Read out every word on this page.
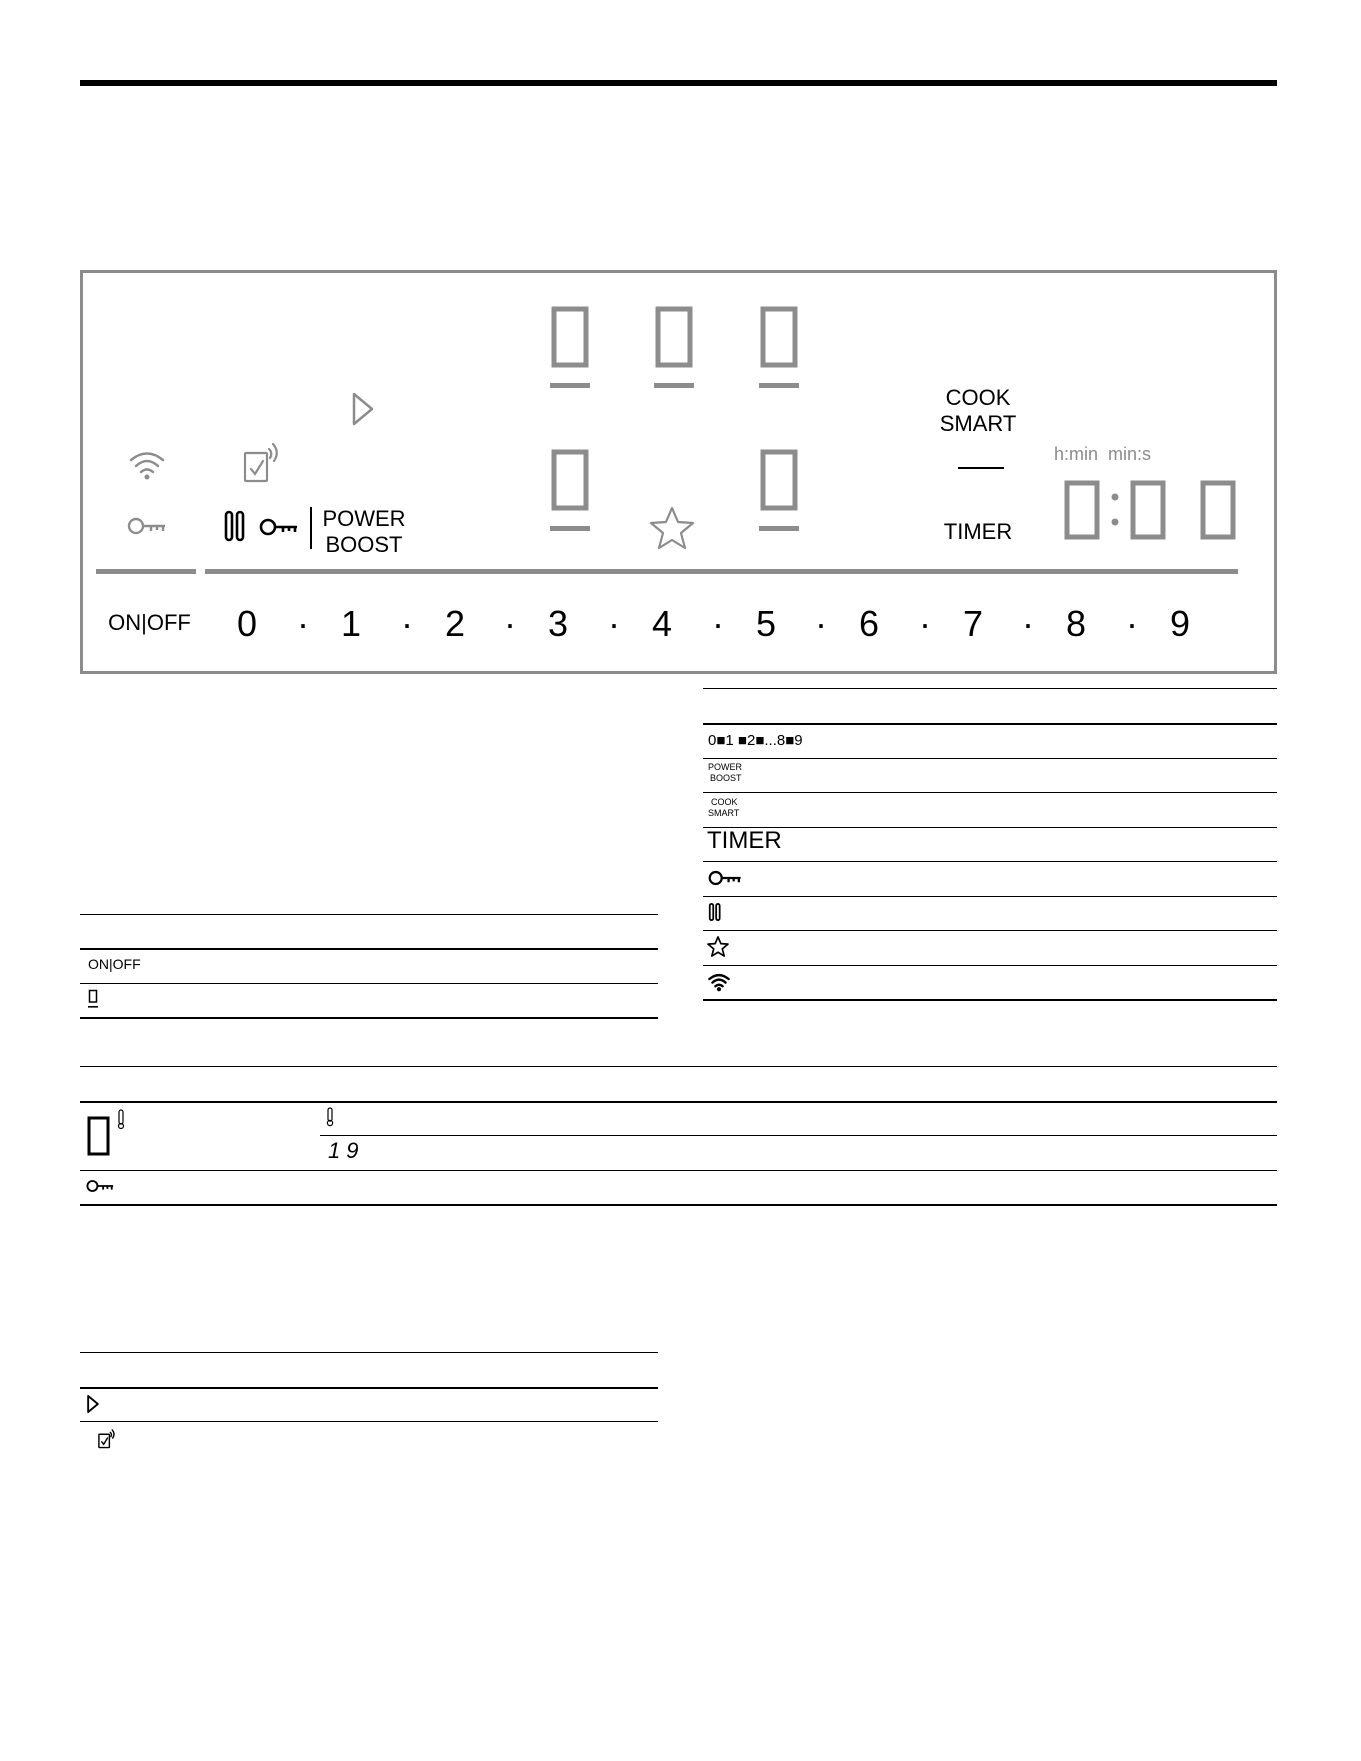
POWER
BOOST
COOK
SMART
TIMER
h:min  min:s
ON|OFF 0 · 1 · 2 · 3 · 4 · 5 · 6 · 7 · 8 · 9
0■1 ■2■...8■9
POWER
BOOST
COOK
SMART
TIMER
ON|OFF
19
